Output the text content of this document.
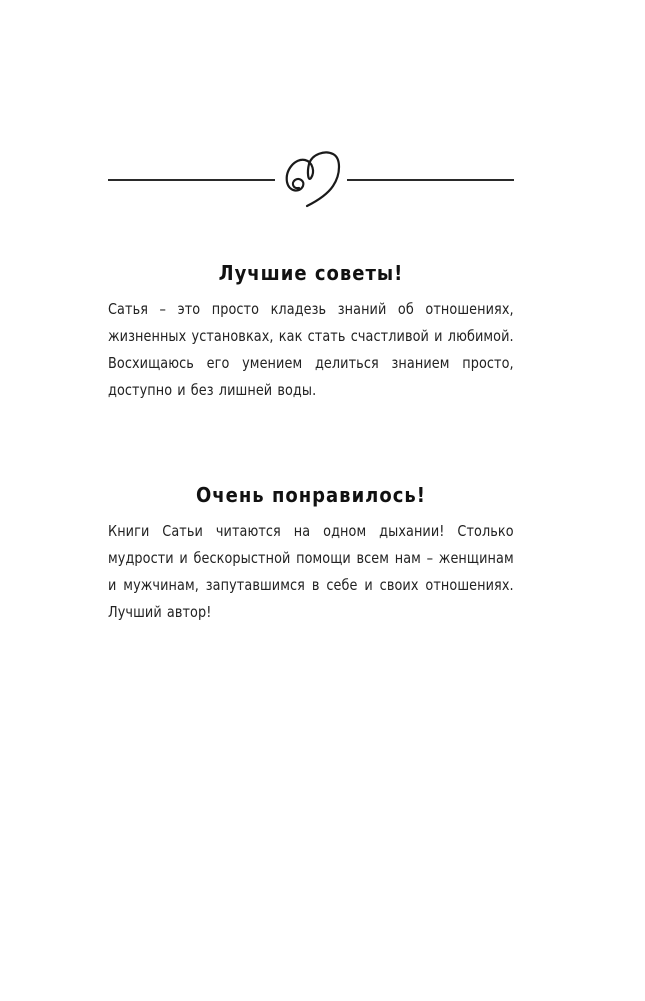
Лучшие советы!

Сатья – это просто кладезь знаний об отношениях, жизненных установках, как стать счастливой и любимой. Восхищаюсь его умением делиться знанием просто, доступно и без лишней воды.

Очень понравилось!

Книги Сатьи читаются на одном дыхании! Столько мудрости и бескорыстной помощи всем нам – женщинам и мужчинам, запутавшимся в себе и своих отношениях. Лучший автор!
